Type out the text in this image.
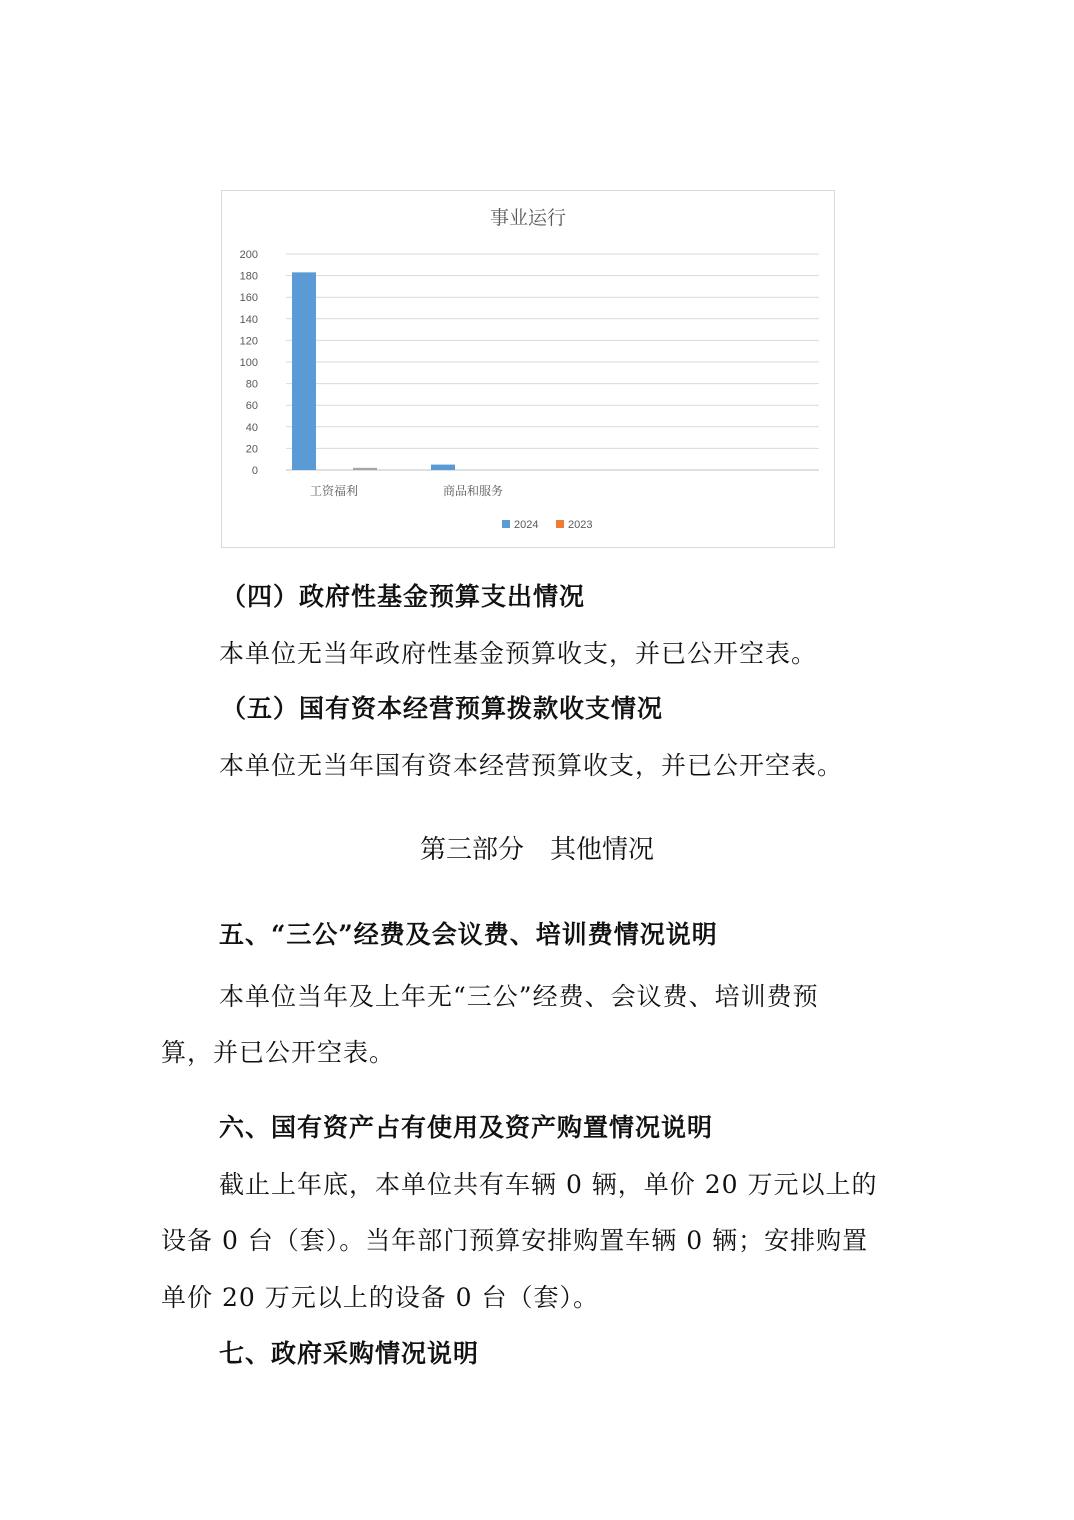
事业运行
0
20
40
60
80
100
120
140
160
180
200
工资福利	商品和服务
2024	2023
（四）政府性基金预算支出情况
本单位无当年政府性基金预算收支，并已公开空表。
（五）国有资本经营预算拨款收支情况
本单位无当年国有资本经营预算收支，并已公开空表。
第三部分　其他情况
五、“三公”经费及会议费、培训费情况说明
本单位当年及上年无“三公”经费、会议费、培训费预
算，并已公开空表。
六、国有资产占有使用及资产购置情况说明
截止上年底，本单位共有车辆 0 辆，单价 20 万元以上的
设备 0 台（套）。当年部门预算安排购置车辆 0 辆；安排购置
单价 20 万元以上的设备 0 台（套）。
七、政府采购情况说明
